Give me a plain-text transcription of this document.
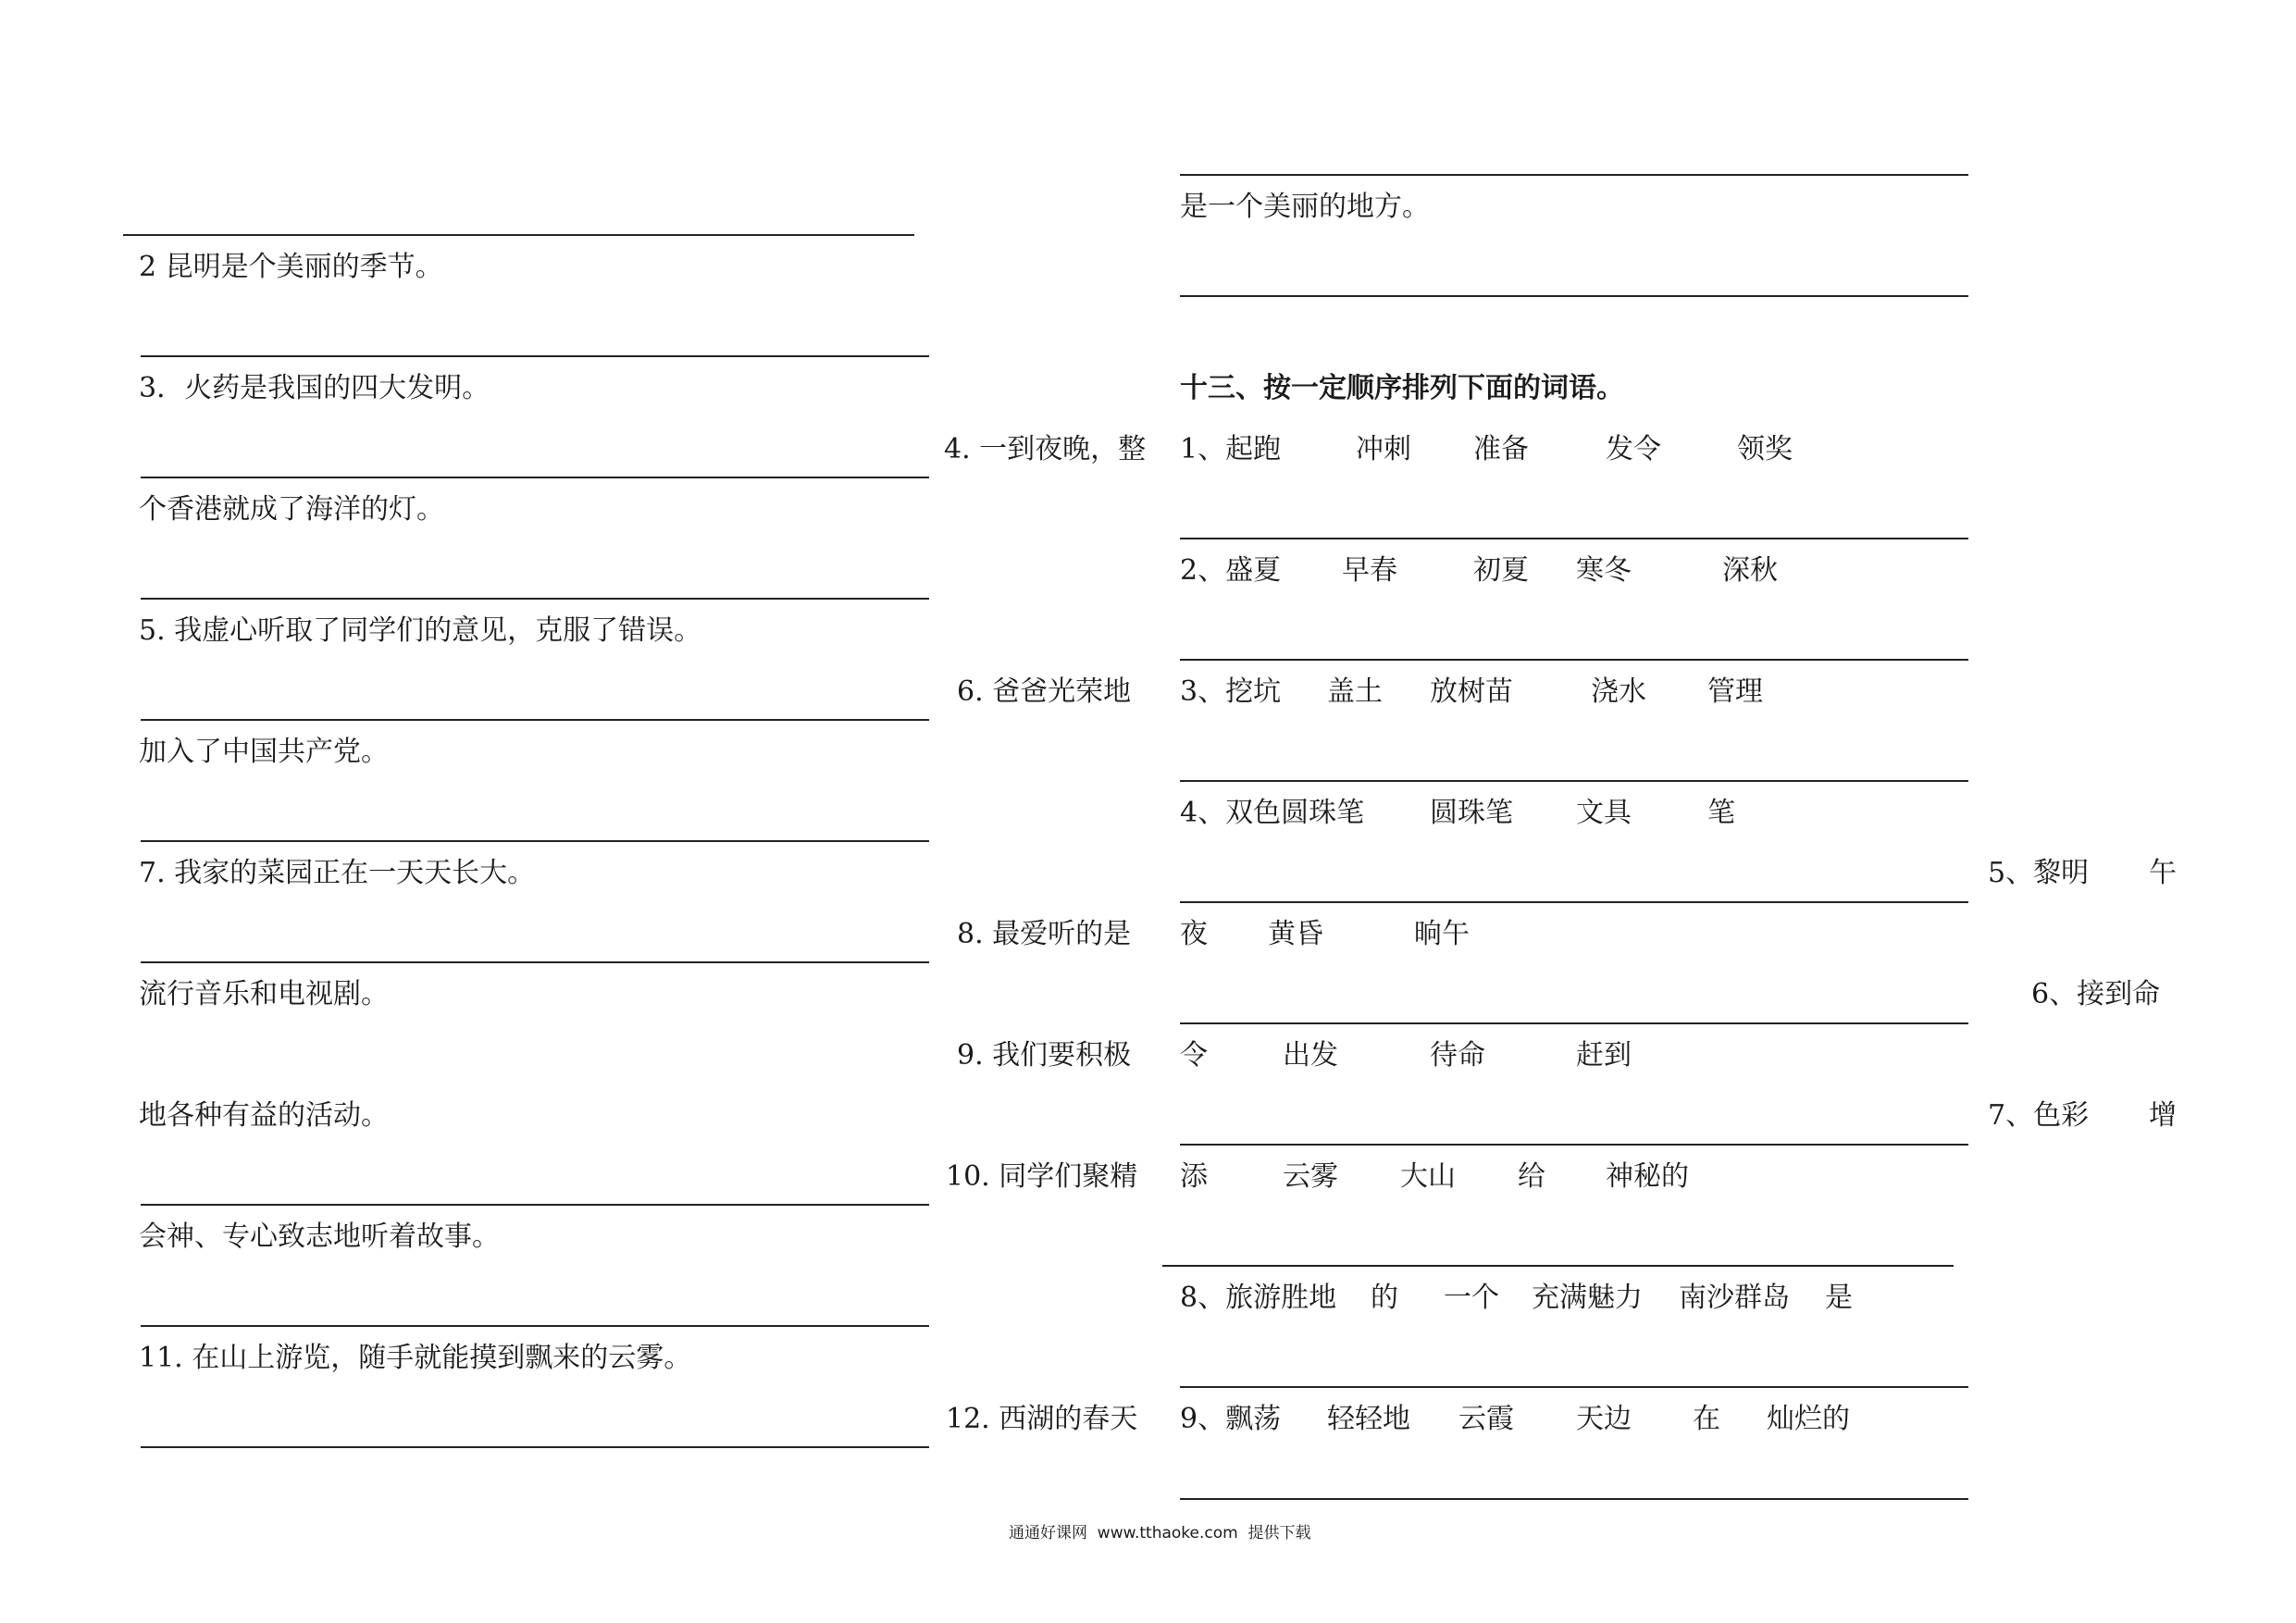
2 昆明是个美丽的季节。
3．火药是我国的四大发明。
个香港就成了海洋的灯。
5. 我虚心听取了同学们的意见，克服了错误。
加入了中国共产党。
7. 我家的菜园正在一天天长大。
流行音乐和电视剧。
地各种有益的活动。
会神、专心致志地听着故事。
11. 在山上游览，随手就能摸到飘来的云雾。
4. 一到夜晚，整
6. 爸爸光荣地
8. 最爱听的是
9. 我们要积极
10. 同学们聚精
12. 西湖的春天
是一个美丽的地方。
十三、按一定顺序排列下面的词语。
1、起跑	冲刺 准备	发令	领奖
2、盛夏 早春	初夏 寒冬	深秋
3、挖坑 盖土 放树苗	浇水 管理
4、双色圆珠笔 圆珠笔 文具	笔
夜 黄昏	晌午
令	出发	待命	赶到
添	云雾 大山 给 神秘的
8、旅游胜地 的 一个 充满魅力 南沙群岛 是
9、飘荡 轻轻地 云霞 天边 在 灿烂的
5、黎明 午
6、接到命
7、色彩 增
通通好课网  www.tthaoke.com  提供下载
